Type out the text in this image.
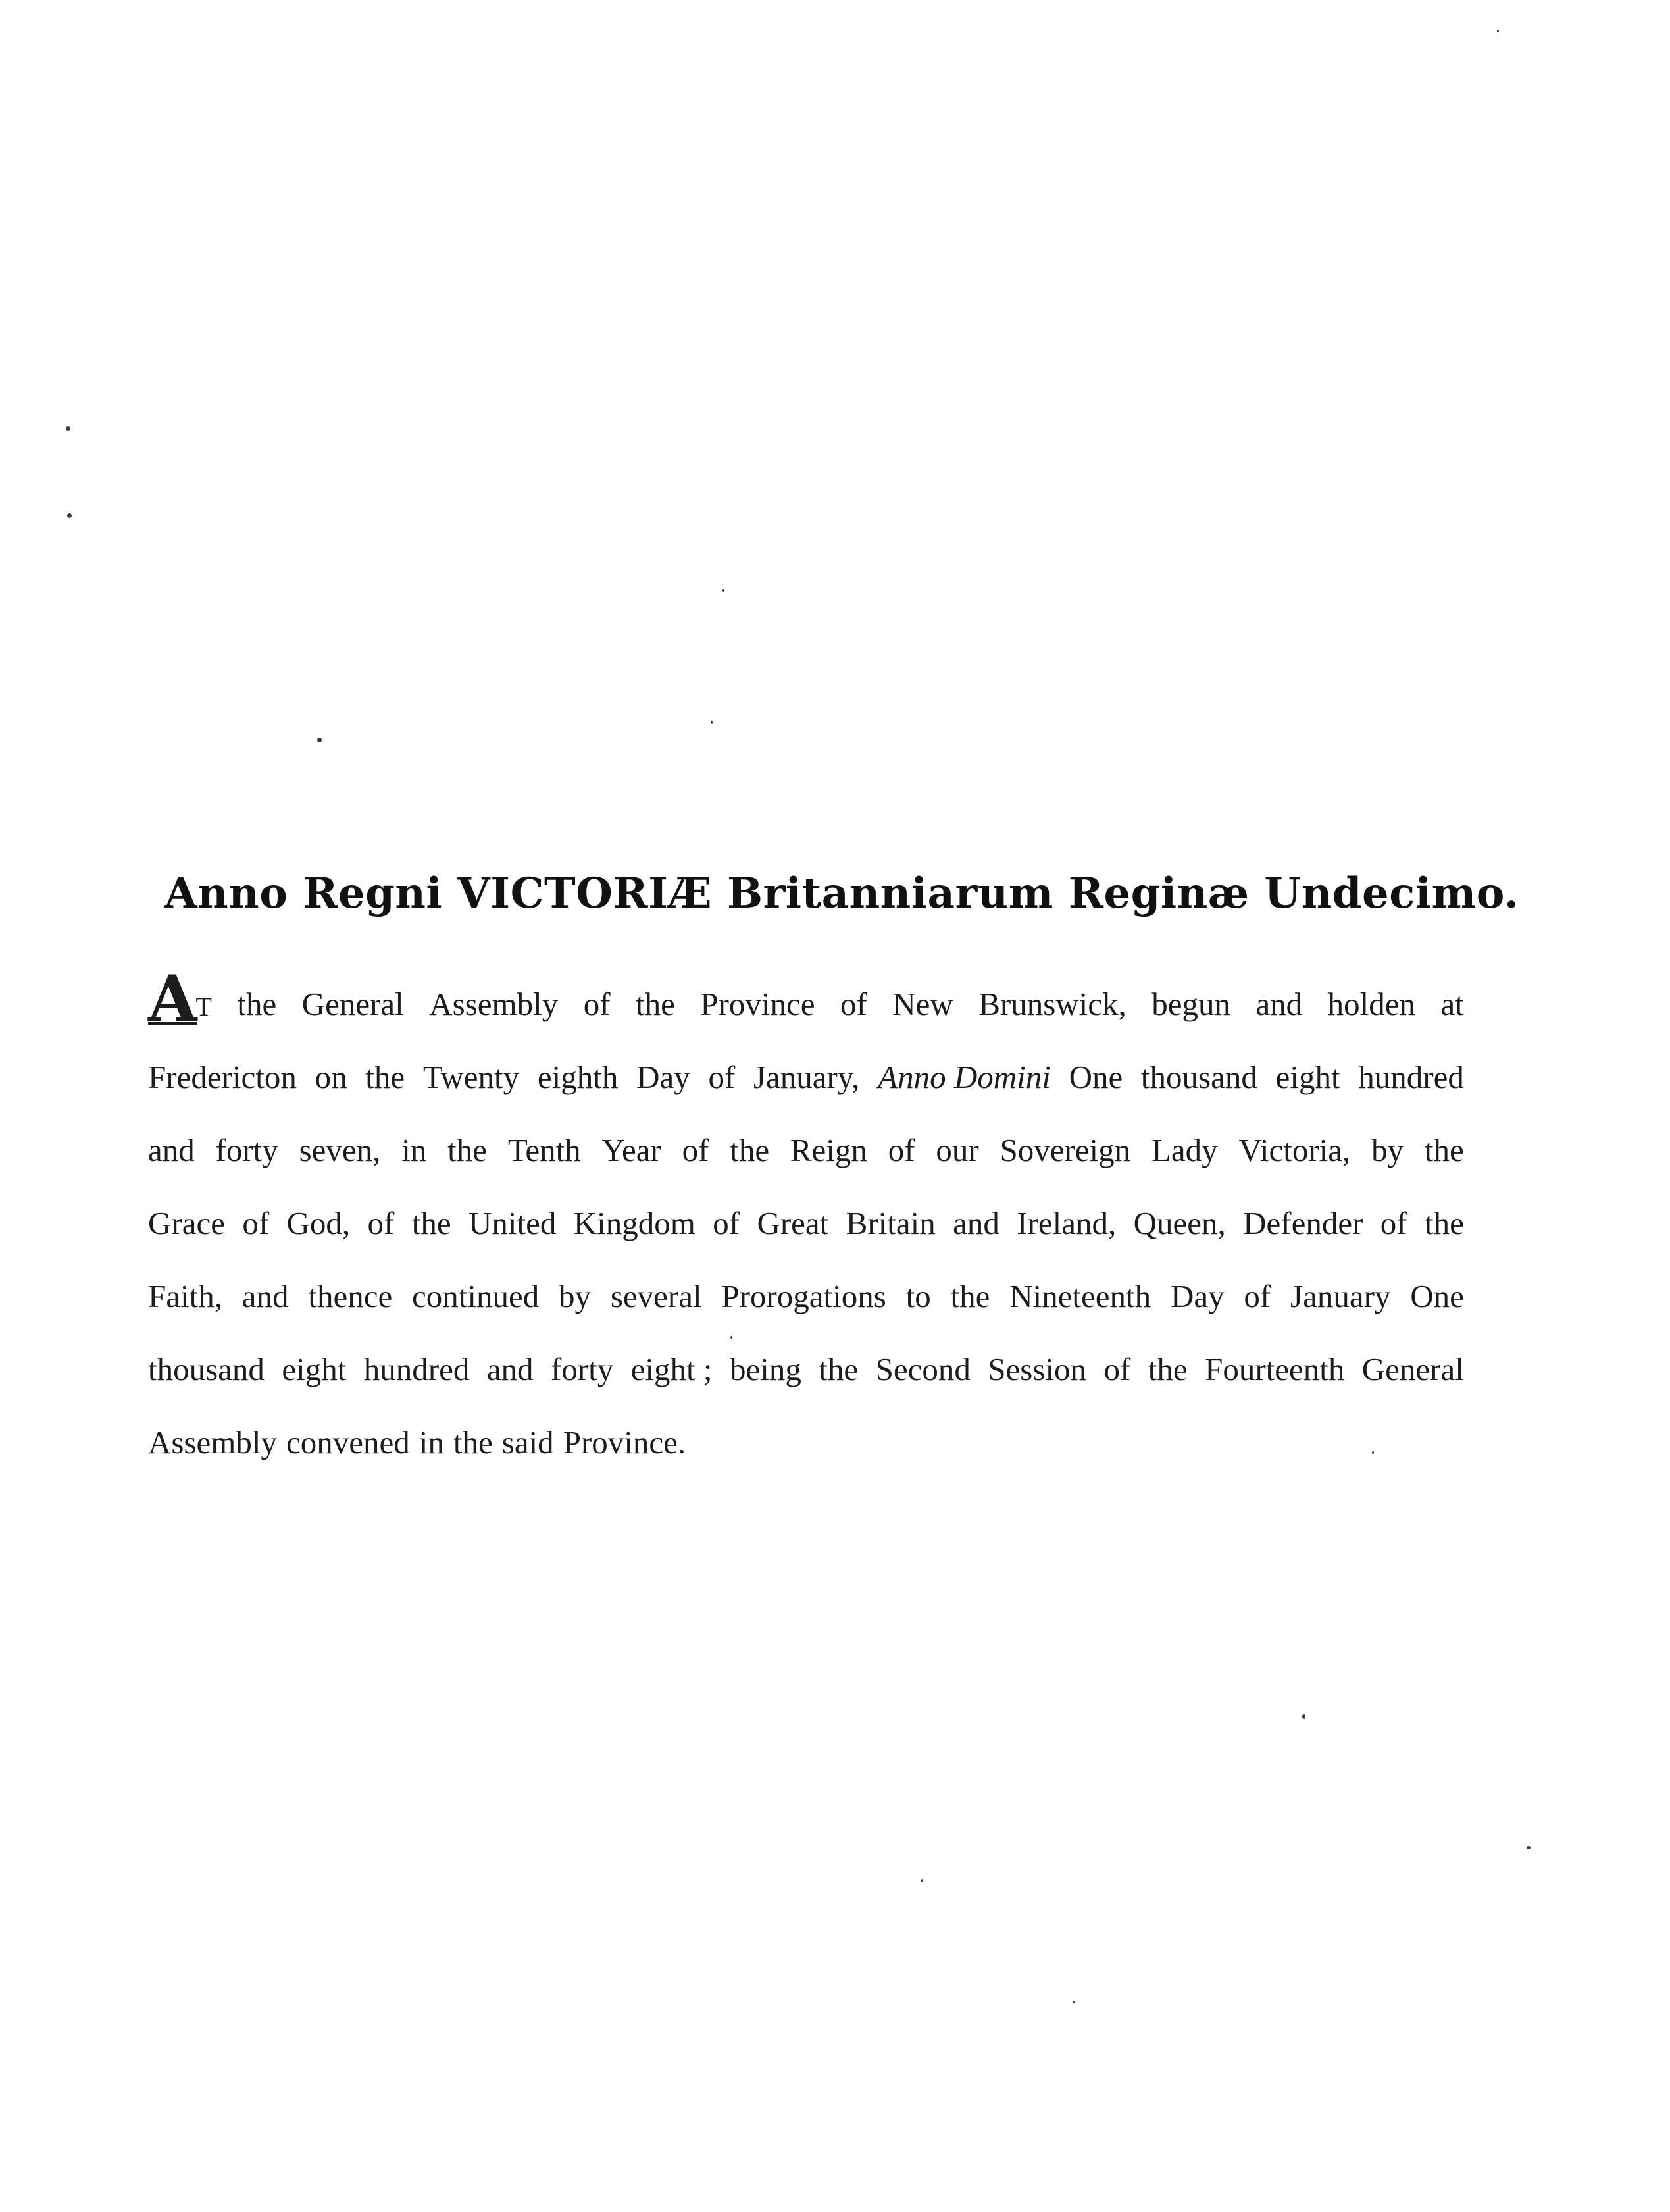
Anno Regni VICTORIÆ Britanniarum Reginæ Undecimo.
AT the General Assembly of the Province of New Brunswick, begun and holden at
Fredericton on the Twenty eighth Day of January, Anno Domini One thousand eight hundred
and forty seven, in the Tenth Year of the Reign of our Sovereign Lady Victoria, by the
Grace of God, of the United Kingdom of Great Britain and Ireland, Queen, Defender of the
Faith, and thence continued by several Prorogations to the Nineteenth Day of January One
thousand eight hundred and forty eight ; being the Second Session of the Fourteenth General
Assembly convened in the said Province.
